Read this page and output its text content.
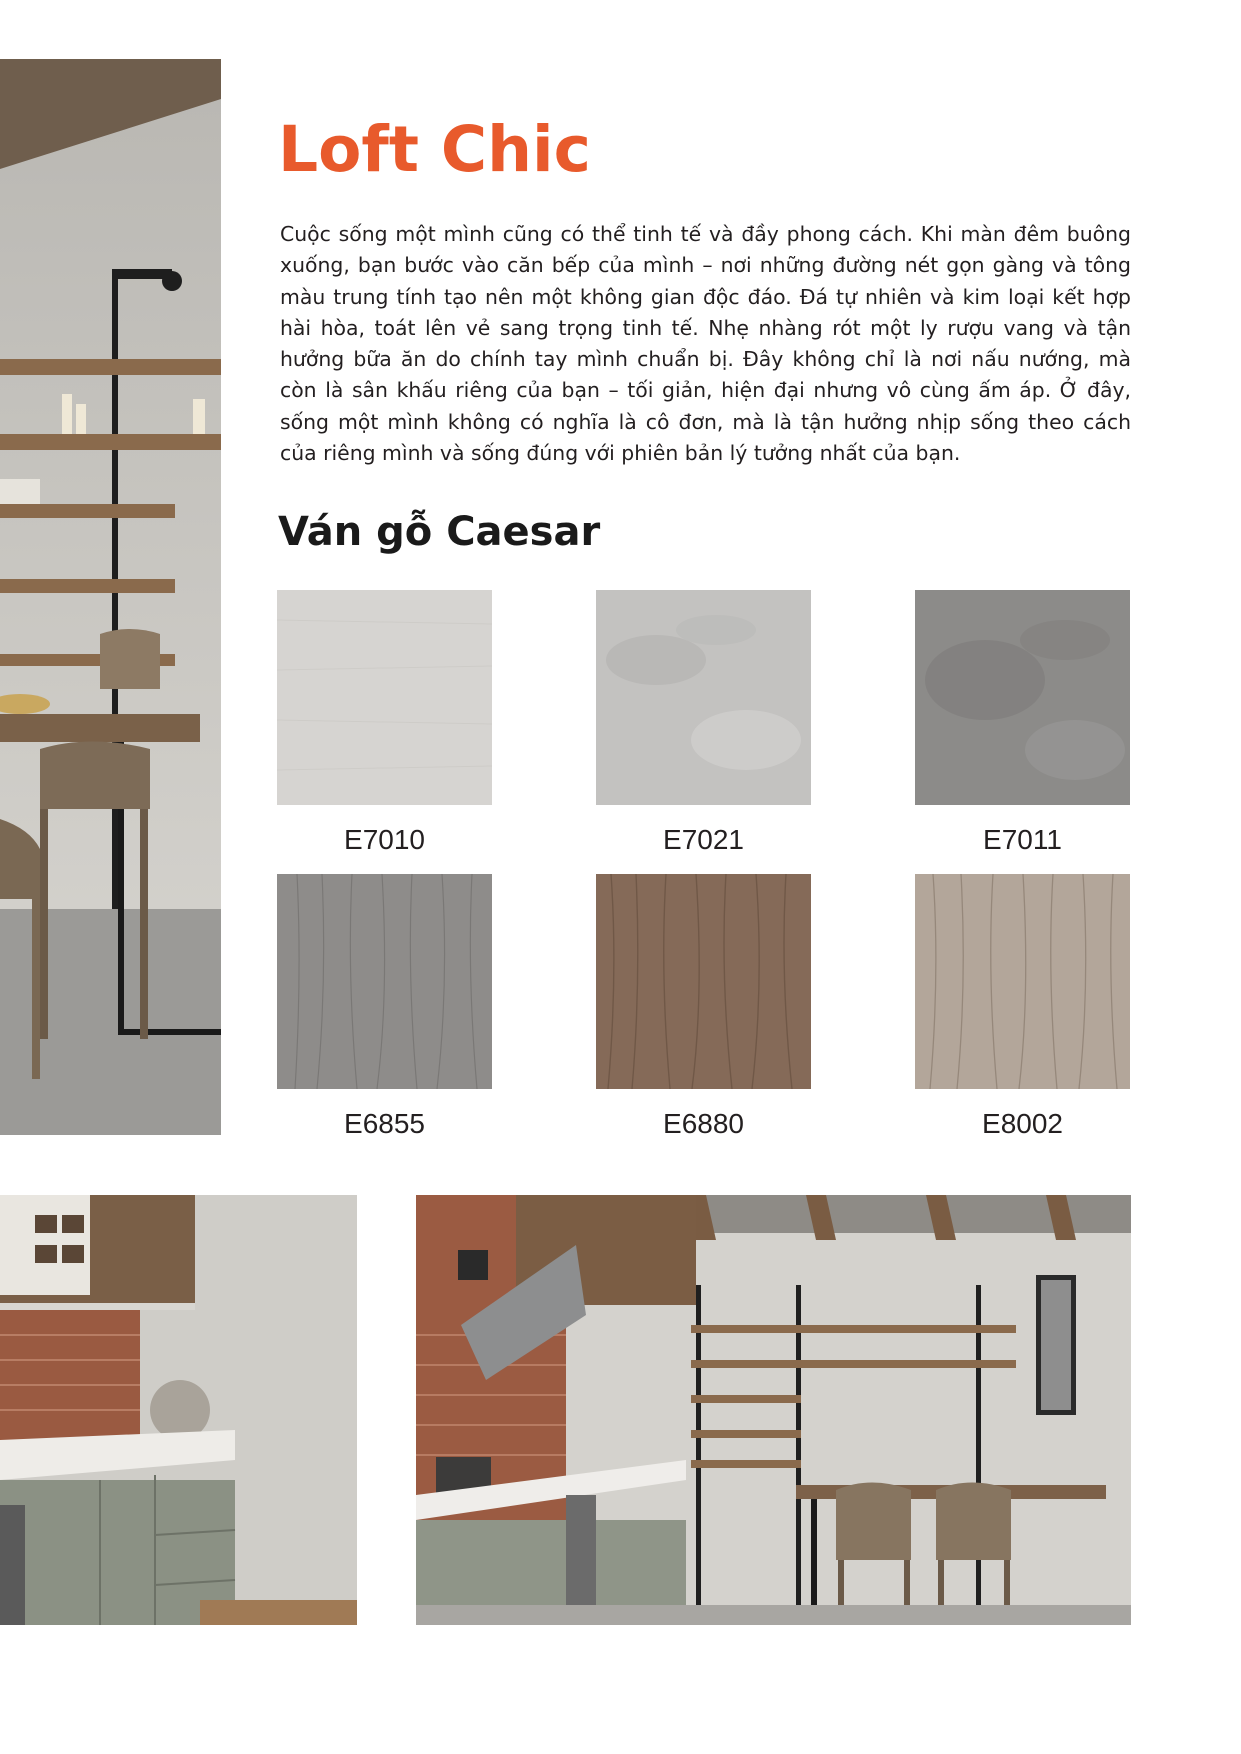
Loft Chic

Cuộc sống một mình cũng có thể tinh tế và đầy phong cách. Khi màn đêm buông xuống, bạn bước vào căn bếp của mình – nơi những đường nét gọn gàng và tông màu trung tính tạo nên một không gian độc đáo. Đá tự nhiên và kim loại kết hợp hài hòa, toát lên vẻ sang trọng tinh tế. Nhẹ nhàng rót một ly rượu vang và tận hưởng bữa ăn do chính tay mình chuẩn bị. Đây không chỉ là nơi nấu nướng, mà còn là sân khấu riêng của bạn – tối giản, hiện đại nhưng vô cùng ấm áp. Ở đây, sống một mình không có nghĩa là cô đơn, mà là tận hưởng nhịp sống theo cách của riêng mình và sống đúng với phiên bản lý tưởng nhất của bạn.

Ván gỗ Caesar
E7010	E7021	E7011
E6855	E6880	E8002
